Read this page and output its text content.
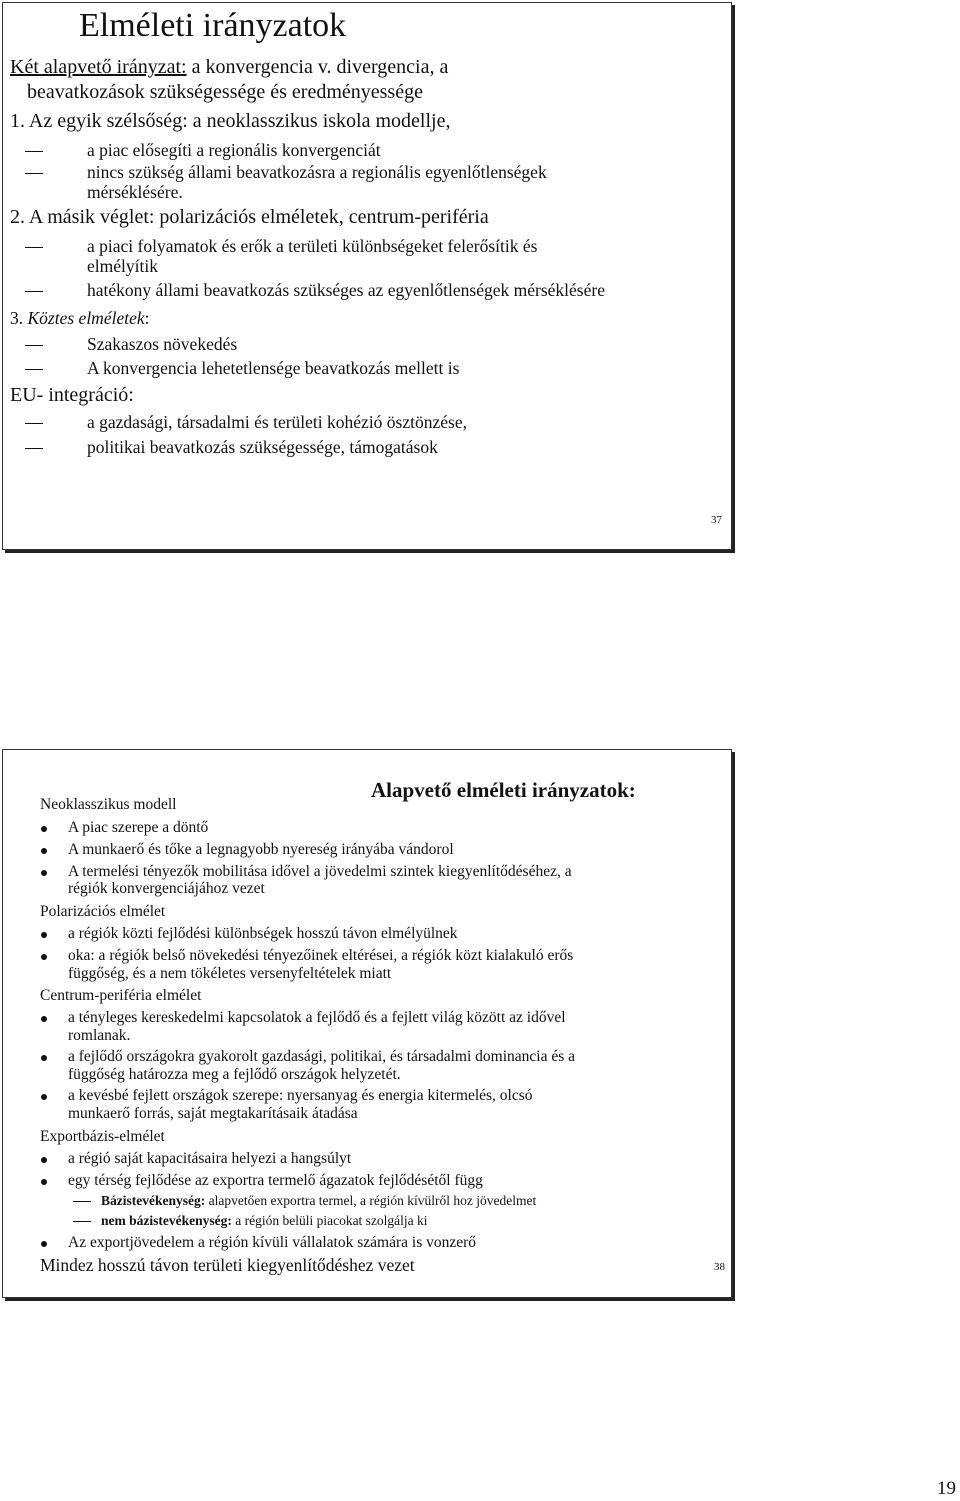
Elméleti irányzatok
Két alapvető irányzat: a konvergencia v. divergencia, a
beavatkozások szükségessége és eredményessége
1. Az egyik szélsőség: a neoklasszikus iskola modellje,
a piac elősegíti a regionális konvergenciát
nincs szükség állami beavatkozásra a regionális egyenlőtlenségek
mérséklésére.
2. A másik véglet: polarizációs elméletek, centrum-periféria
a piaci folyamatok és erők a területi különbségeket felerősítik és
elmélyítik
hatékony állami beavatkozás szükséges az egyenlőtlenségek mérséklésére
3. Köztes elméletek:
Szakaszos növekedés
A konvergencia lehetetlensége beavatkozás mellett is
EU- integráció:
a gazdasági, társadalmi és területi kohézió ösztönzése,
politikai beavatkozás szükségessége, támogatások
37
Alapvető elméleti irányzatok:
Neoklasszikus modell
A piac szerepe a döntő
A munkaerő és tőke a legnagyobb nyereség irányába vándorol
A termelési tényezők mobilitása idővel a jövedelmi szintek kiegyenlítődéséhez, a
régiók konvergenciájához vezet
Polarizációs elmélet
a régiók közti fejlődési különbségek hosszú távon elmélyülnek
oka: a régiók belső növekedési tényezőinek eltérései, a régiók közt kialakuló erős
függőség, és a nem tökéletes versenyfeltételek miatt
Centrum-periféria elmélet
a tényleges kereskedelmi kapcsolatok a fejlődő és a fejlett világ között az idővel
romlanak.
a fejlődő országokra gyakorolt gazdasági, politikai, és társadalmi dominancia és a
függőség határozza meg a fejlődő országok helyzetét.
a kevésbé fejlett országok szerepe: nyersanyag és energia kitermelés, olcsó
munkaerő forrás, saját megtakarításaik átadása
Exportbázis-elmélet
a régió saját kapacitásaira helyezi a hangsúlyt
egy térség fejlődése az exportra termelő ágazatok fejlődésétől függ
Bázistevékenység: alapvetően exportra termel, a régión kívülről hoz jövedelmet
nem bázistevékenység: a régión belüli piacokat szolgálja ki
Az exportjövedelem a régión kívüli vállalatok számára is vonzerő
Mindez hosszú távon területi kiegyenlítődéshez vezet	38
19
